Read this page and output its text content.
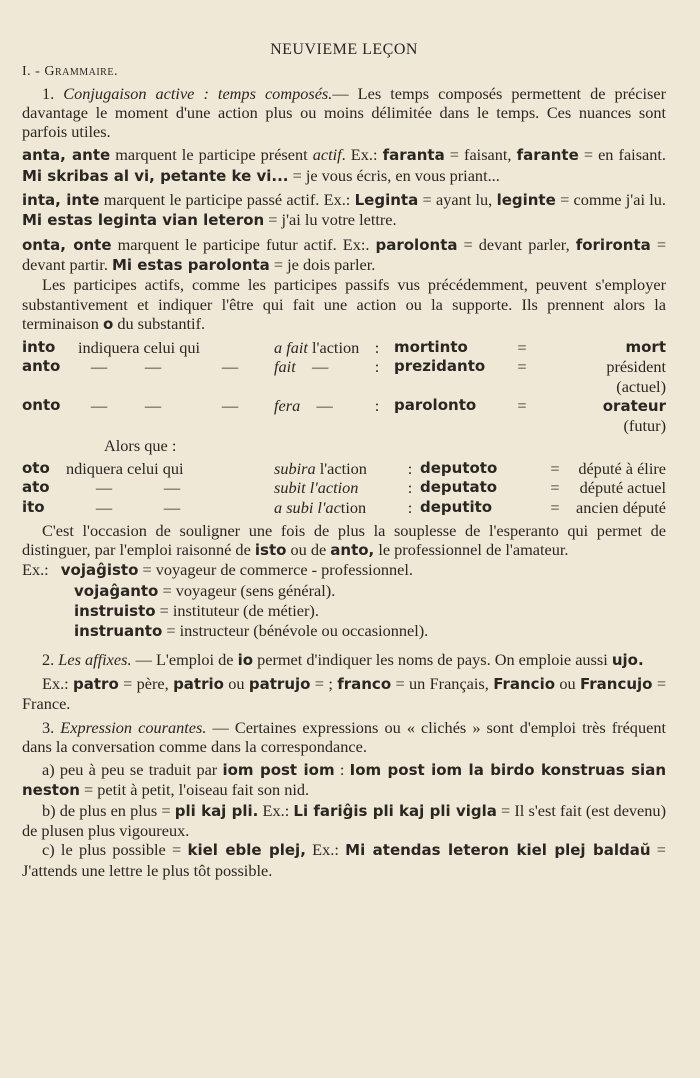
NEUVIEME LEÇON
I. - Grammaire.

1. Conjugaison active : temps composés.— Les temps composés permettent de préciser davantage le moment d'une action plus ou moins délimitée dans le temps. Ces nuances sont parfois utiles.

anta, ante marquent le participe présent actif. Ex.: faranta = faisant, farante = en faisant. Mi skribas al vi, petante ke vi... = je vous écris, en vous priant...

inta, inte marquent le participe passé actif. Ex.: Leginta = ayant lu, leginte = comme j'ai lu. Mi estas leginta vian leteron = j'ai lu votre lettre.

onta, onte marquent le participe futur actif. Ex:. parolonta = devant parler, forironta = devant partir. Mi estas parolonta = je dois parler.

Les participes actifs, comme les participes passifs vus précédemment, peuvent s'employer substantivement et indiquer l'être qui fait une action ou la supporte. Ils prennent alors la terminaison o du substantif.

into	indiquera celui qui			a fait l'action	:	mortinto	=	mort
anto	—	—	—	fait —	:	prezidanto	=	président
(actuel)
onto	—	—	—	fera —	:	parolonto	=	orateur
(futur)
Alors que :
oto	ndiquera celui qui			subira l'action	:	deputoto	=	député à élire
ato	—	—		subit l'action	:	deputato	=	député actuel
ito	—	—		a subi l'action	:	deputito	=	ancien député

C'est l'occasion de souligner une fois de plus la souplesse de l'esperanto qui permet de distinguer, par l'emploi raisonné de isto ou de anto, le professionnel de l'amateur.

Ex.: vojaĝisto = voyageur de commerce - professionnel.
vojaĝanto = voyageur (sens général).
instruisto = instituteur (de métier).
instruanto = instructeur (bénévole ou occasionnel).

2. Les affixes. — L'emploi de io permet d'indiquer les noms de pays. On emploie aussi ujo.

Ex.: patro = père, patrio ou patrujo = ; franco = un Français, Francio ou Francujo = France.

3. Expression courantes. — Certaines expressions ou « clichés » sont d'emploi très fréquent dans la conversation comme dans la correspondance.

a) peu à peu se traduit par iom post iom : Iom post iom la birdo konstruas sian neston = petit à petit, l'oiseau fait son nid.

b) de plus en plus = pli kaj pli. Ex.: Li fariĝis pli kaj pli vigla = Il s'est fait (est devenu) de plusen plus vigoureux.

c) le plus possible = kiel eble plej, Ex.: Mi atendas leteron kiel plej baldaŭ = J'attends une lettre le plus tôt possible.
